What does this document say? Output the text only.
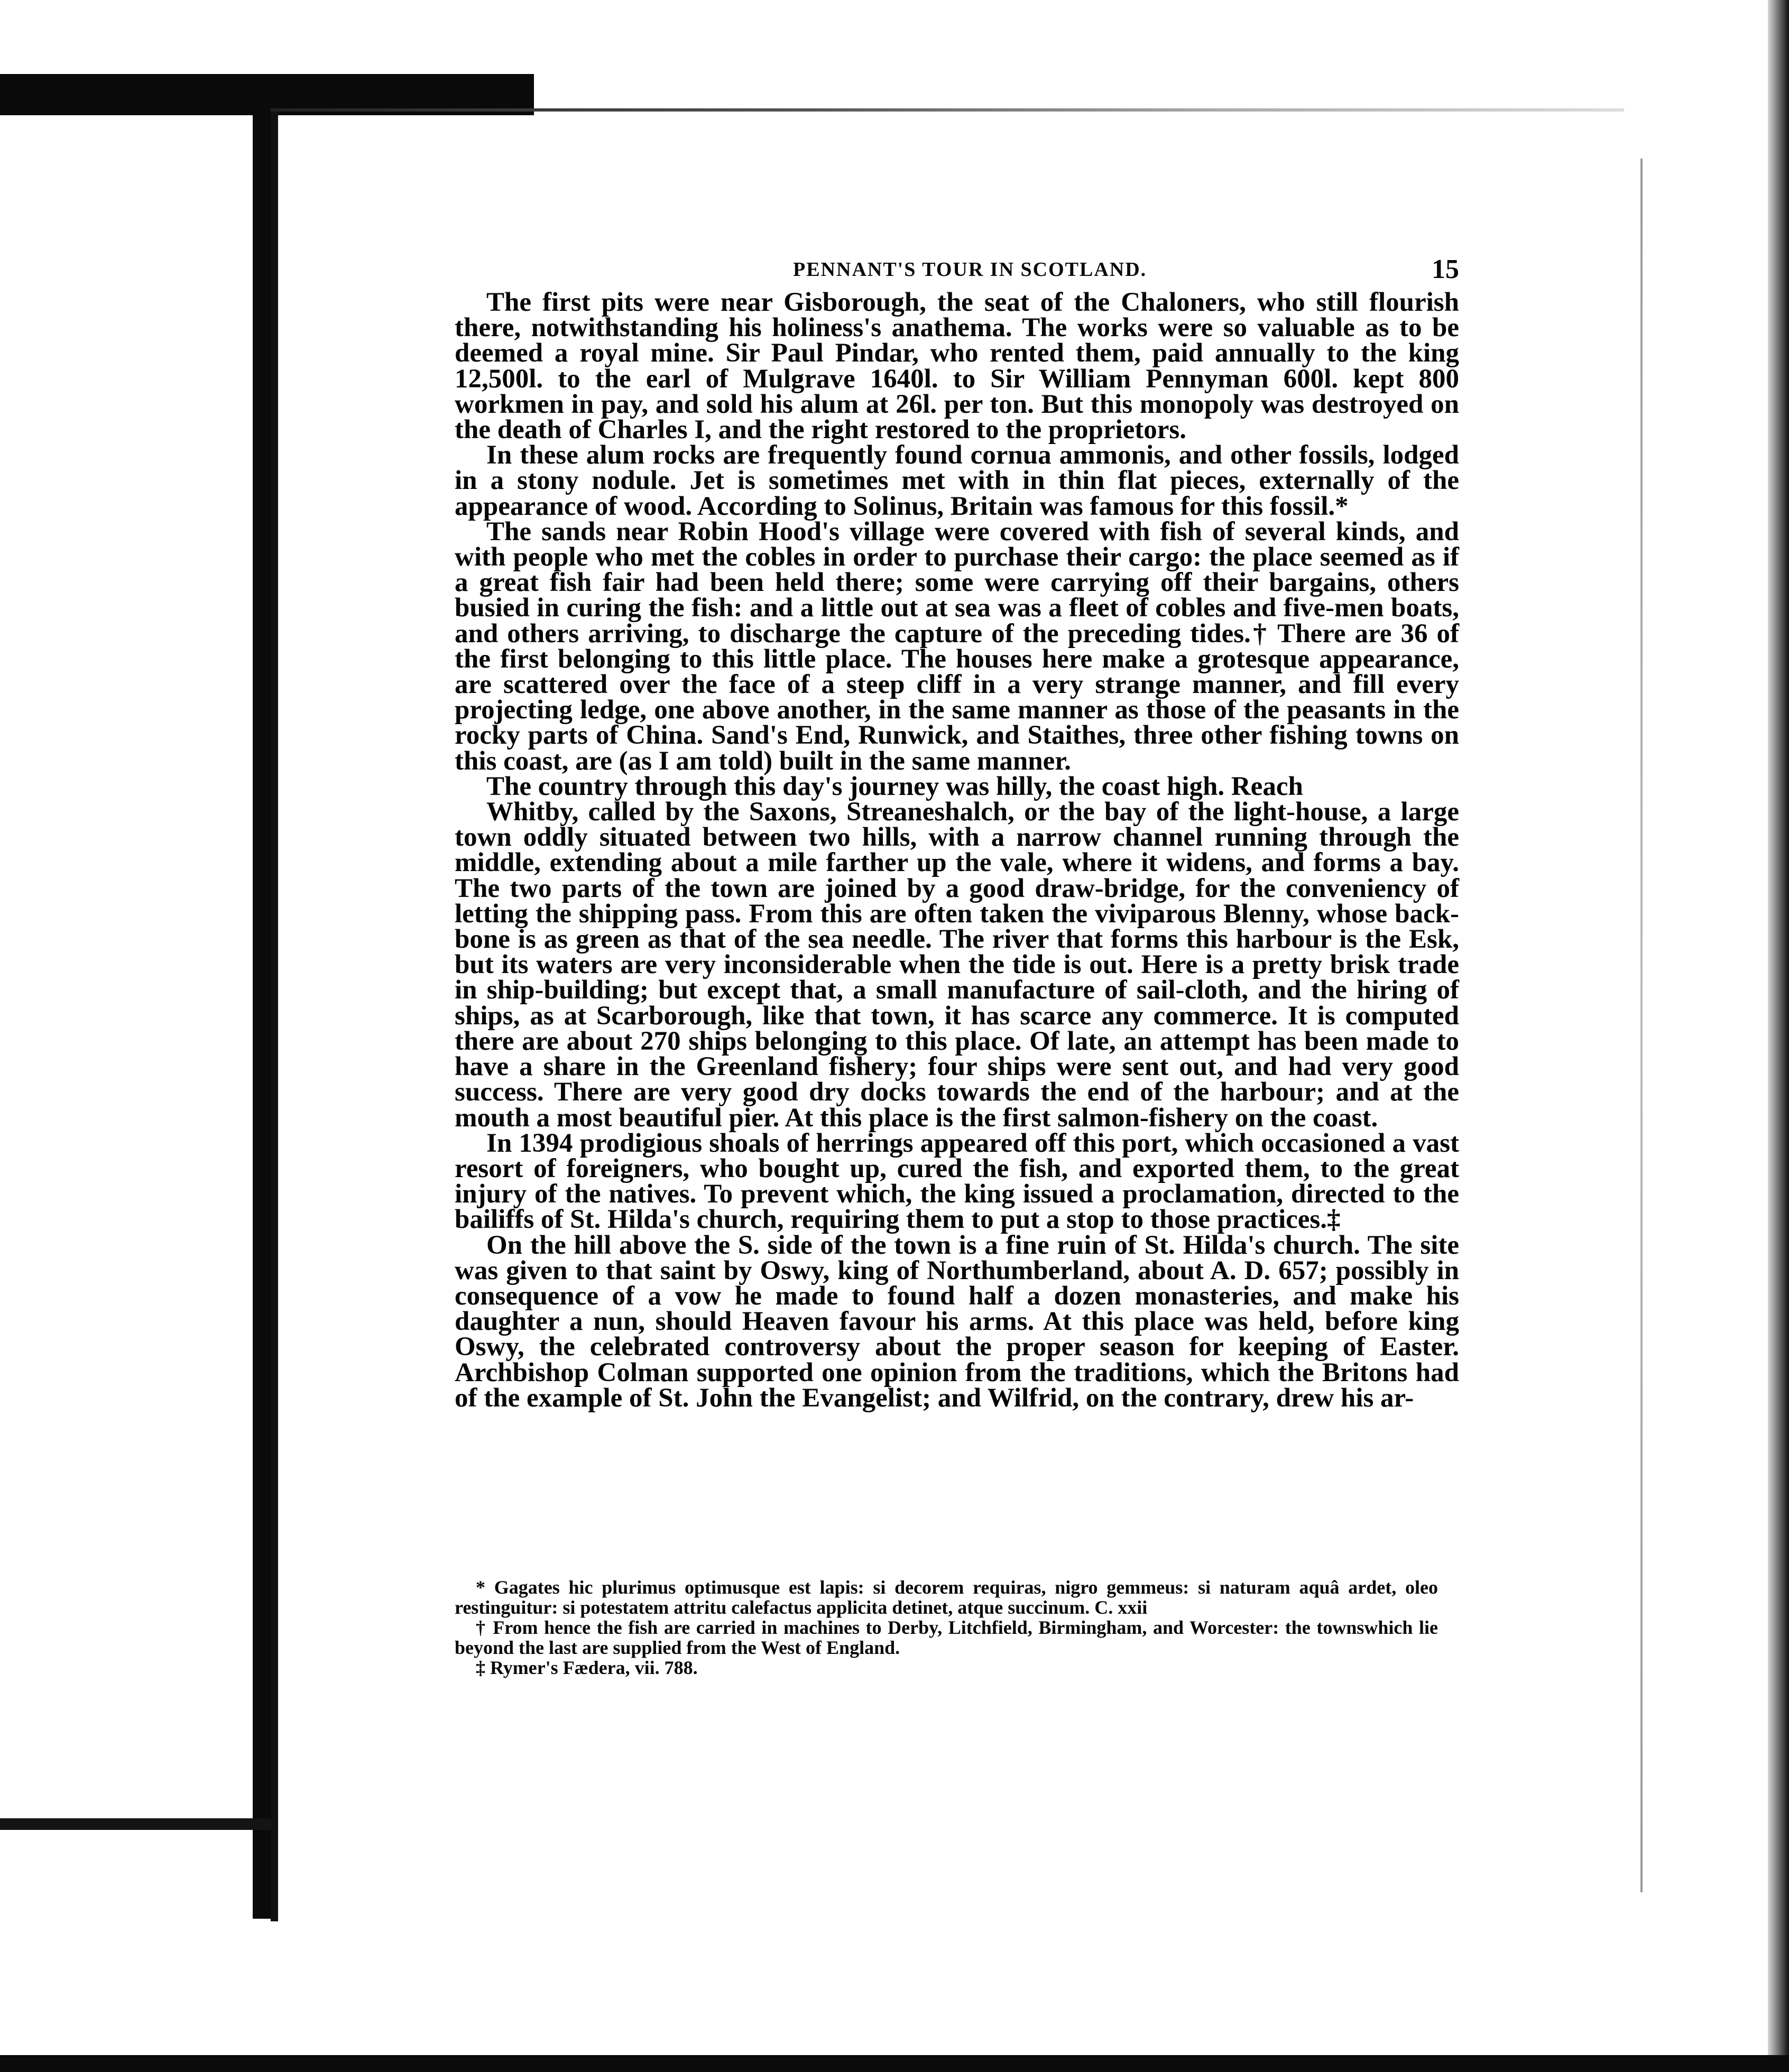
PENNANT'S TOUR IN SCOTLAND.	15

The first pits were near Gisborough, the seat of the Chaloners, who still flourish there, notwithstanding his holiness's anathema. The works were so valuable as to be deemed a royal mine. Sir Paul Pindar, who rented them, paid annually to the king 12,500l. to the earl of Mulgrave 1640l. to Sir William Pennyman 600l. kept 800 workmen in pay, and sold his alum at 26l. per ton. But this monopoly was destroyed on the death of Charles I, and the right restored to the proprietors.

In these alum rocks are frequently found cornua ammonis, and other fossils, lodged in a stony nodule. Jet is sometimes met with in thin flat pieces, externally of the appearance of wood. According to Solinus, Britain was famous for this fossil.*

The sands near Robin Hood's village were covered with fish of several kinds, and with people who met the cobles in order to purchase their cargo: the place seemed as if a great fish fair had been held there; some were carrying off their bargains, others busied in curing the fish: and a little out at sea was a fleet of cobles and five-men boats, and others arriving, to discharge the capture of the preceding tides.† There are 36 of the first belonging to this little place. The houses here make a grotesque appearance, are scattered over the face of a steep cliff in a very strange manner, and fill every projecting ledge, one above another, in the same manner as those of the peasants in the rocky parts of China. Sand's End, Runwick, and Staithes, three other fishing towns on this coast, are (as I am told) built in the same manner.

The country through this day's journey was hilly, the coast high. Reach

Whitby, called by the Saxons, Streaneshalch, or the bay of the light-house, a large town oddly situated between two hills, with a narrow channel running through the middle, extending about a mile farther up the vale, where it widens, and forms a bay. The two parts of the town are joined by a good draw-bridge, for the conveniency of letting the shipping pass. From this are often taken the viviparous Blenny, whose back-bone is as green as that of the sea needle. The river that forms this harbour is the Esk, but its waters are very inconsiderable when the tide is out. Here is a pretty brisk trade in ship-building; but except that, a small manufacture of sail-cloth, and the hiring of ships, as at Scarborough, like that town, it has scarce any commerce. It is computed there are about 270 ships belonging to this place. Of late, an attempt has been made to have a share in the Greenland fishery; four ships were sent out, and had very good success. There are very good dry docks towards the end of the harbour; and at the mouth a most beautiful pier. At this place is the first salmon-fishery on the coast.

In 1394 prodigious shoals of herrings appeared off this port, which occasioned a vast resort of foreigners, who bought up, cured the fish, and exported them, to the great injury of the natives. To prevent which, the king issued a proclamation, directed to the bailiffs of St. Hilda's church, requiring them to put a stop to those practices.‡

On the hill above the S. side of the town is a fine ruin of St. Hilda's church. The site was given to that saint by Oswy, king of Northumberland, about A. D. 657; possibly in consequence of a vow he made to found half a dozen monasteries, and make his daughter a nun, should Heaven favour his arms. At this place was held, before king Oswy, the celebrated controversy about the proper season for keeping of Easter. Archbishop Colman supported one opinion from the traditions, which the Britons had of the example of St. John the Evangelist; and Wilfrid, on the contrary, drew his ar-

* Gagates hic plurimus optimusque est lapis: si decorem requiras, nigro gemmeus: si naturam aquâ ardet, oleo restinguitur: si potestatem attritu calefactus applicita detinet, atque succinum. C. xxii

† From hence the fish are carried in machines to Derby, Litchfield, Birmingham, and Worcester: the townswhich lie beyond the last are supplied from the West of England.

‡ Rymer's Fædera, vii. 788.
